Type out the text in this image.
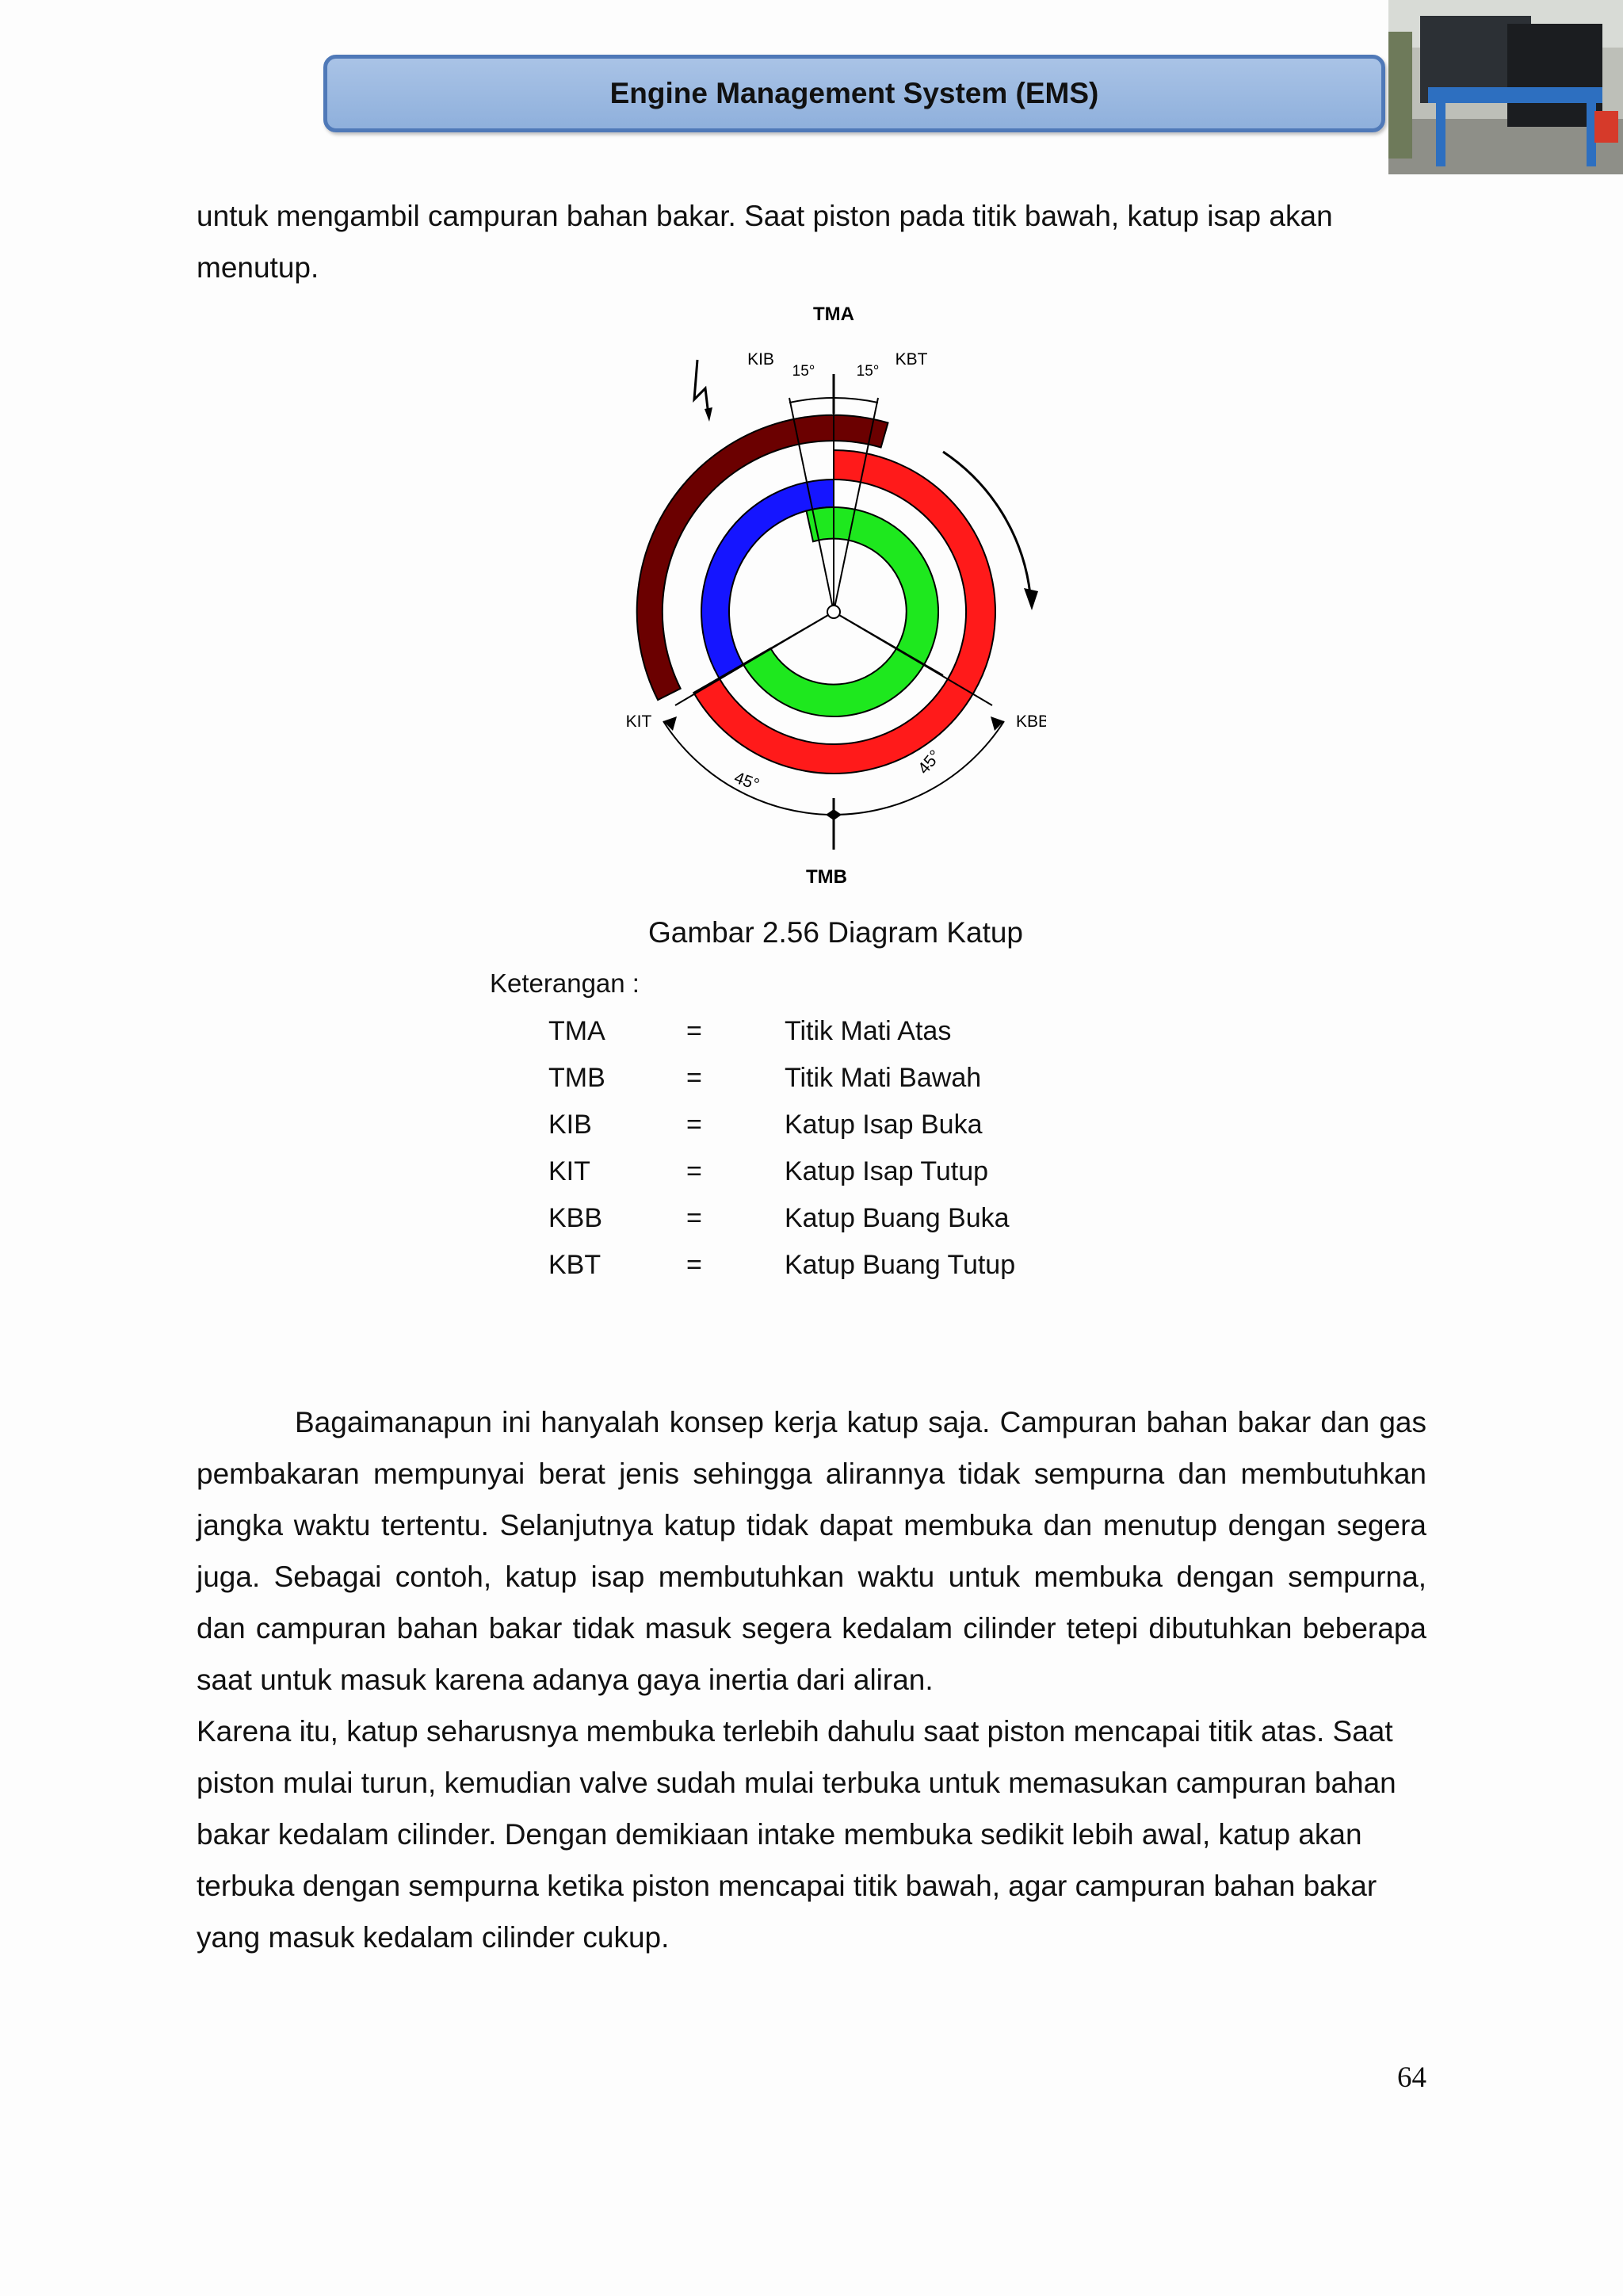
Engine Management System (EMS)
untuk mengambil campuran bahan bakar. Saat piston pada titik bawah, katup isap akan menutup.
TMA
TMB
KIB	KBT
KIT	KBB
15°	15°
45°
45°
Gambar 2.56 Diagram Katup
Keterangan :
TMA	=	Titik Mati Atas
TMB	=	Titik Mati Bawah
KIB	=	Katup Isap Buka
KIT	=	Katup Isap Tutup
KBB	=	Katup Buang Buka
KBT	=	Katup Buang Tutup
Bagaimanapun ini hanyalah konsep kerja katup saja. Campuran bahan bakar dan gas pembakaran mempunyai berat jenis sehingga alirannya tidak sempurna dan membutuhkan jangka waktu tertentu. Selanjutnya katup tidak dapat membuka dan menutup dengan segera juga. Sebagai contoh, katup isap membutuhkan waktu untuk membuka dengan sempurna, dan campuran bahan bakar tidak masuk segera kedalam cilinder tetepi dibutuhkan beberapa saat untuk masuk karena adanya gaya inertia dari aliran.
Karena itu, katup seharusnya membuka terlebih dahulu saat piston mencapai titik atas. Saat piston mulai turun, kemudian valve sudah mulai terbuka untuk memasukan campuran bahan bakar kedalam cilinder. Dengan demikiaan intake membuka sedikit lebih awal, katup akan terbuka dengan sempurna ketika piston mencapai titik bawah, agar campuran bahan bakar yang masuk kedalam cilinder cukup.
64
